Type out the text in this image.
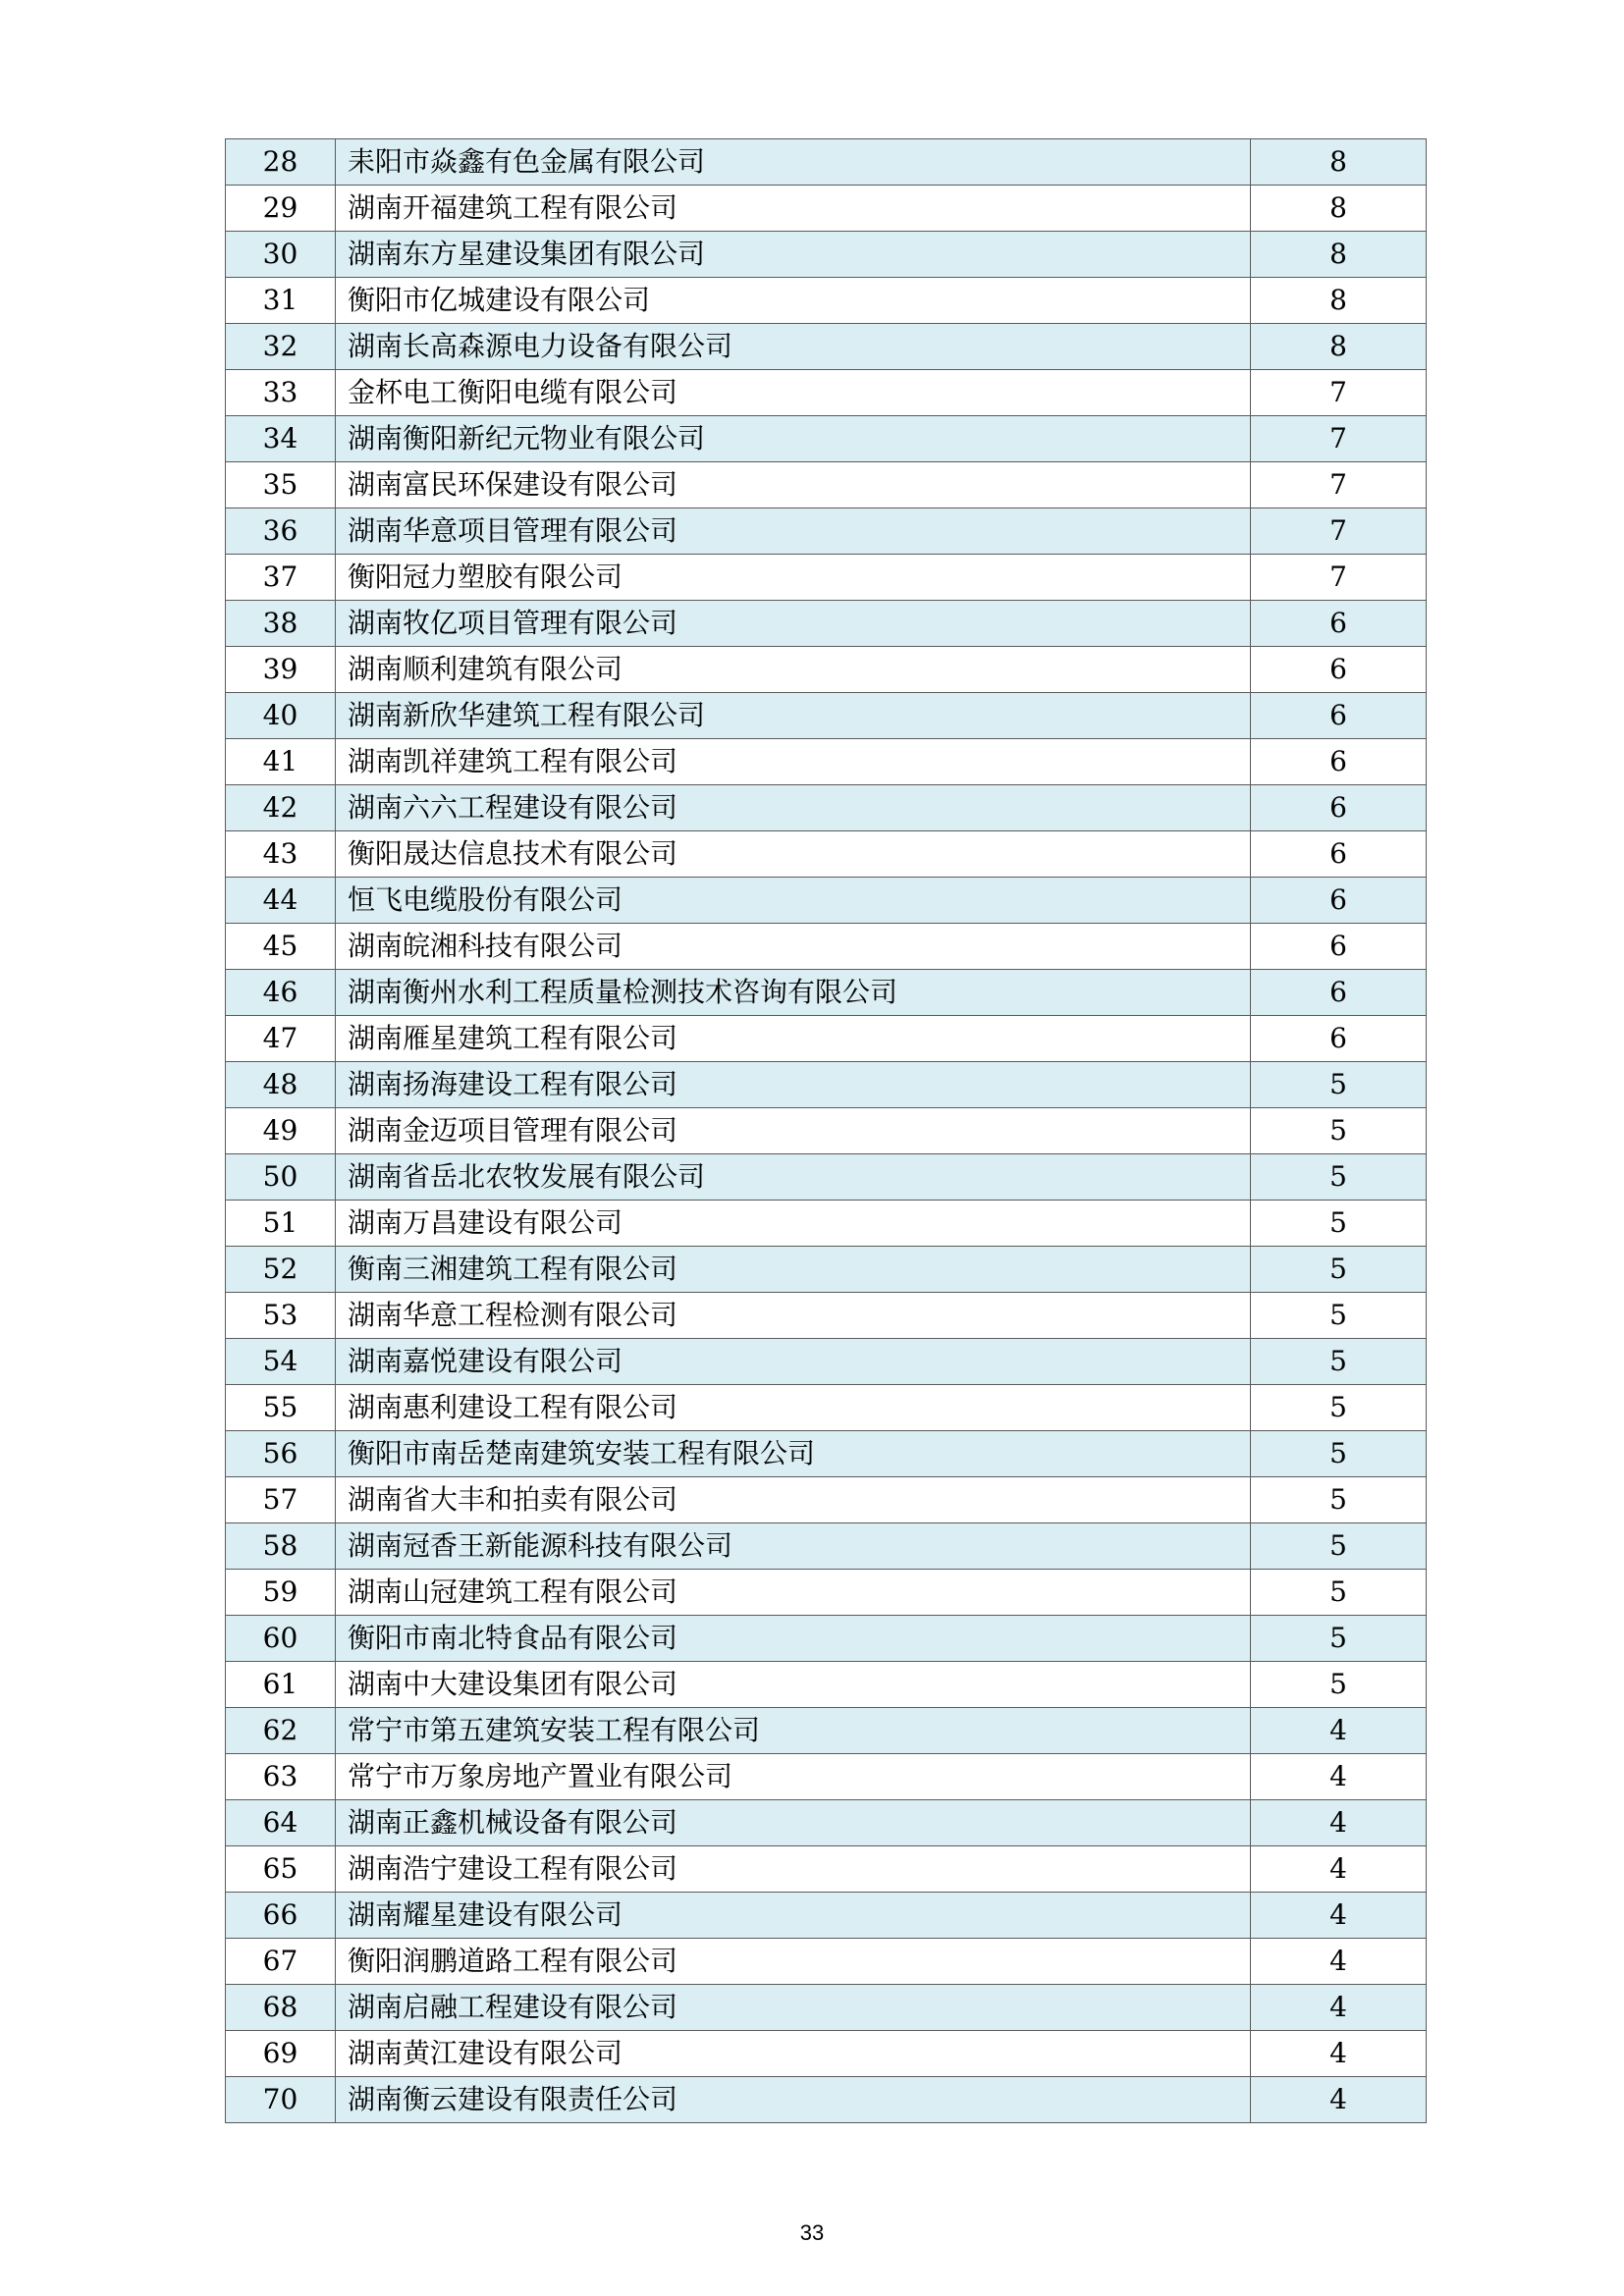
28	耒阳市焱鑫有色金属有限公司	8
29	湖南开福建筑工程有限公司	8
30	湖南东方星建设集团有限公司	8
31	衡阳市亿城建设有限公司	8
32	湖南长高森源电力设备有限公司	8
33	金杯电工衡阳电缆有限公司	7
34	湖南衡阳新纪元物业有限公司	7
35	湖南富民环保建设有限公司	7
36	湖南华意项目管理有限公司	7
37	衡阳冠力塑胶有限公司	7
38	湖南牧亿项目管理有限公司	6
39	湖南顺利建筑有限公司	6
40	湖南新欣华建筑工程有限公司	6
41	湖南凯祥建筑工程有限公司	6
42	湖南六六工程建设有限公司	6
43	衡阳晟达信息技术有限公司	6
44	恒飞电缆股份有限公司	6
45	湖南皖湘科技有限公司	6
46	湖南衡州水利工程质量检测技术咨询有限公司	6
47	湖南雁星建筑工程有限公司	6
48	湖南扬海建设工程有限公司	5
49	湖南金迈项目管理有限公司	5
50	湖南省岳北农牧发展有限公司	5
51	湖南万昌建设有限公司	5
52	衡南三湘建筑工程有限公司	5
53	湖南华意工程检测有限公司	5
54	湖南嘉悦建设有限公司	5
55	湖南惠利建设工程有限公司	5
56	衡阳市南岳楚南建筑安装工程有限公司	5
57	湖南省大丰和拍卖有限公司	5
58	湖南冠香王新能源科技有限公司	5
59	湖南山冠建筑工程有限公司	5
60	衡阳市南北特食品有限公司	5
61	湖南中大建设集团有限公司	5
62	常宁市第五建筑安装工程有限公司	4
63	常宁市万象房地产置业有限公司	4
64	湖南正鑫机械设备有限公司	4
65	湖南浩宁建设工程有限公司	4
66	湖南耀星建设有限公司	4
67	衡阳润鹏道路工程有限公司	4
68	湖南启融工程建设有限公司	4
69	湖南黄江建设有限公司	4
70	湖南衡云建设有限责任公司	4
33
